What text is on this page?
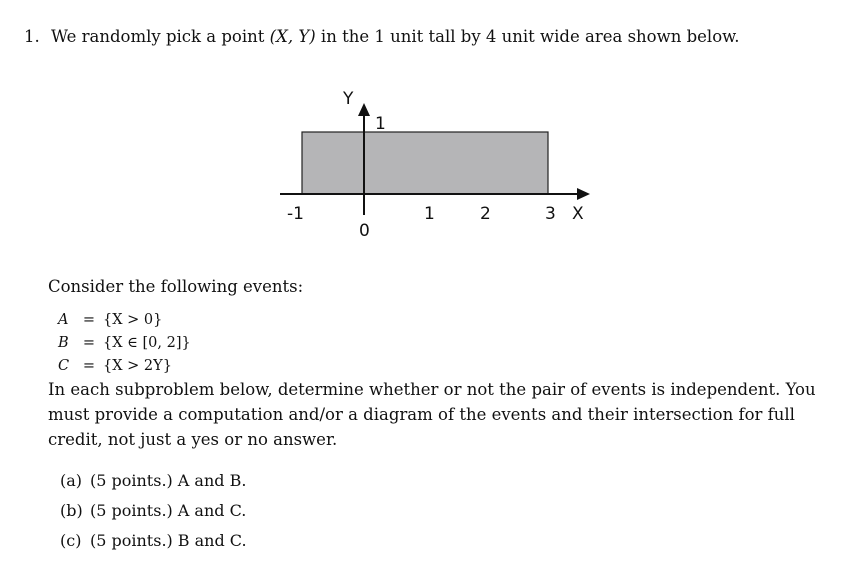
1. We randomly pick a point (X, Y) in the 1 unit tall by 4 unit wide area shown below.
Y
1
-1
0
1	2	3 X
Consider the following events:
A = {X > 0}
B = {X ∈ [0, 2]}
C = {X > 2Y}
In each subproblem below, determine whether or not the pair of events is independent. You must provide a computation and/or a diagram of the events and their intersection for full credit, not just a yes or no answer.
(a) (5 points.) A and B.
(b) (5 points.) A and C.
(c) (5 points.) B and C.
